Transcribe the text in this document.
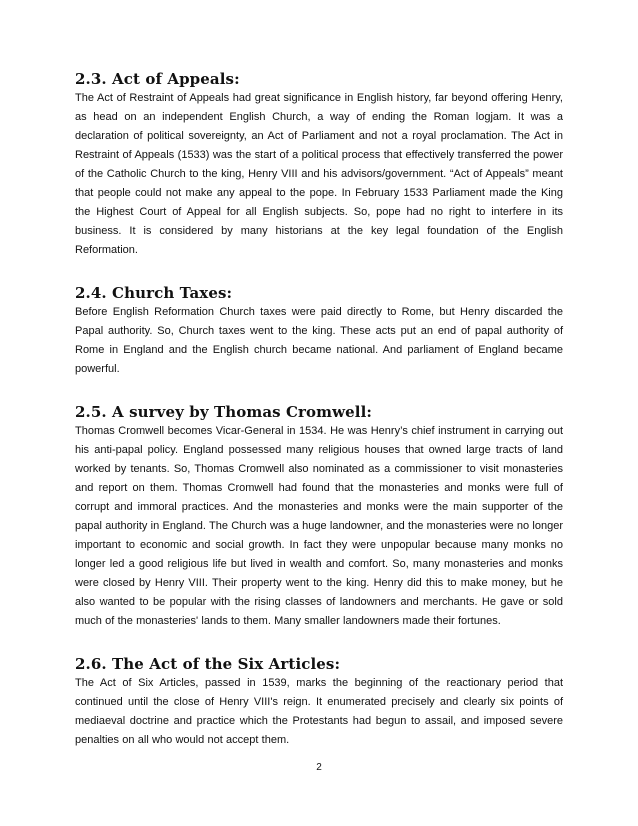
2.3. Act of Appeals:

The Act of Restraint of Appeals had great significance in English history, far beyond offering Henry, as head on an independent English Church, a way of ending the Roman logjam. It was a declaration of political sovereignty, an Act of Parliament and not a royal proclamation. The Act in Restraint of Appeals (1533) was the start of a political process that effectively transferred the power of the Catholic Church to the king, Henry VIII and his advisors/government. “Act of Appeals” meant that people could not make any appeal to the pope. In February 1533 Parliament made the King the Highest Court of Appeal for all English subjects. So, pope had no right to interfere in its business. It is considered by many historians at the key legal foundation of the English Reformation.

2.4. Church Taxes:

Before English Reformation Church taxes were paid directly to Rome, but Henry discarded the Papal authority. So, Church taxes went to the king. These acts put an end of papal authority of Rome in England and the English church became national. And parliament of England became powerful.

2.5. A survey by Thomas Cromwell:

Thomas Cromwell becomes Vicar-General in 1534. He was Henry’s chief instrument in carrying out his anti-papal policy. England possessed many religious houses that owned large tracts of land worked by tenants. So, Thomas Cromwell also nominated as a commissioner to visit monasteries and report on them. Thomas Cromwell had found that the monasteries and monks were full of corrupt and immoral practices. And the monasteries and monks were the main supporter of the papal authority in England. The Church was a huge landowner, and the monasteries were no longer important to economic and social growth. In fact they were unpopular because many monks no longer led a good religious life but lived in wealth and comfort. So, many monasteries and monks were closed by Henry VIII. Their property went to the king. Henry did this to make money, but he also wanted to be popular with the rising classes of landowners and merchants. He gave or sold much of the monasteries' lands to them. Many smaller landowners made their fortunes.

2.6. The Act of the Six Articles:

The Act of Six Articles, passed in 1539, marks the beginning of the reactionary period that continued until the close of Henry VIII's reign. It enumerated precisely and clearly six points of mediaeval doctrine and practice which the Protestants had begun to assail, and imposed severe penalties on all who would not accept them.

2
